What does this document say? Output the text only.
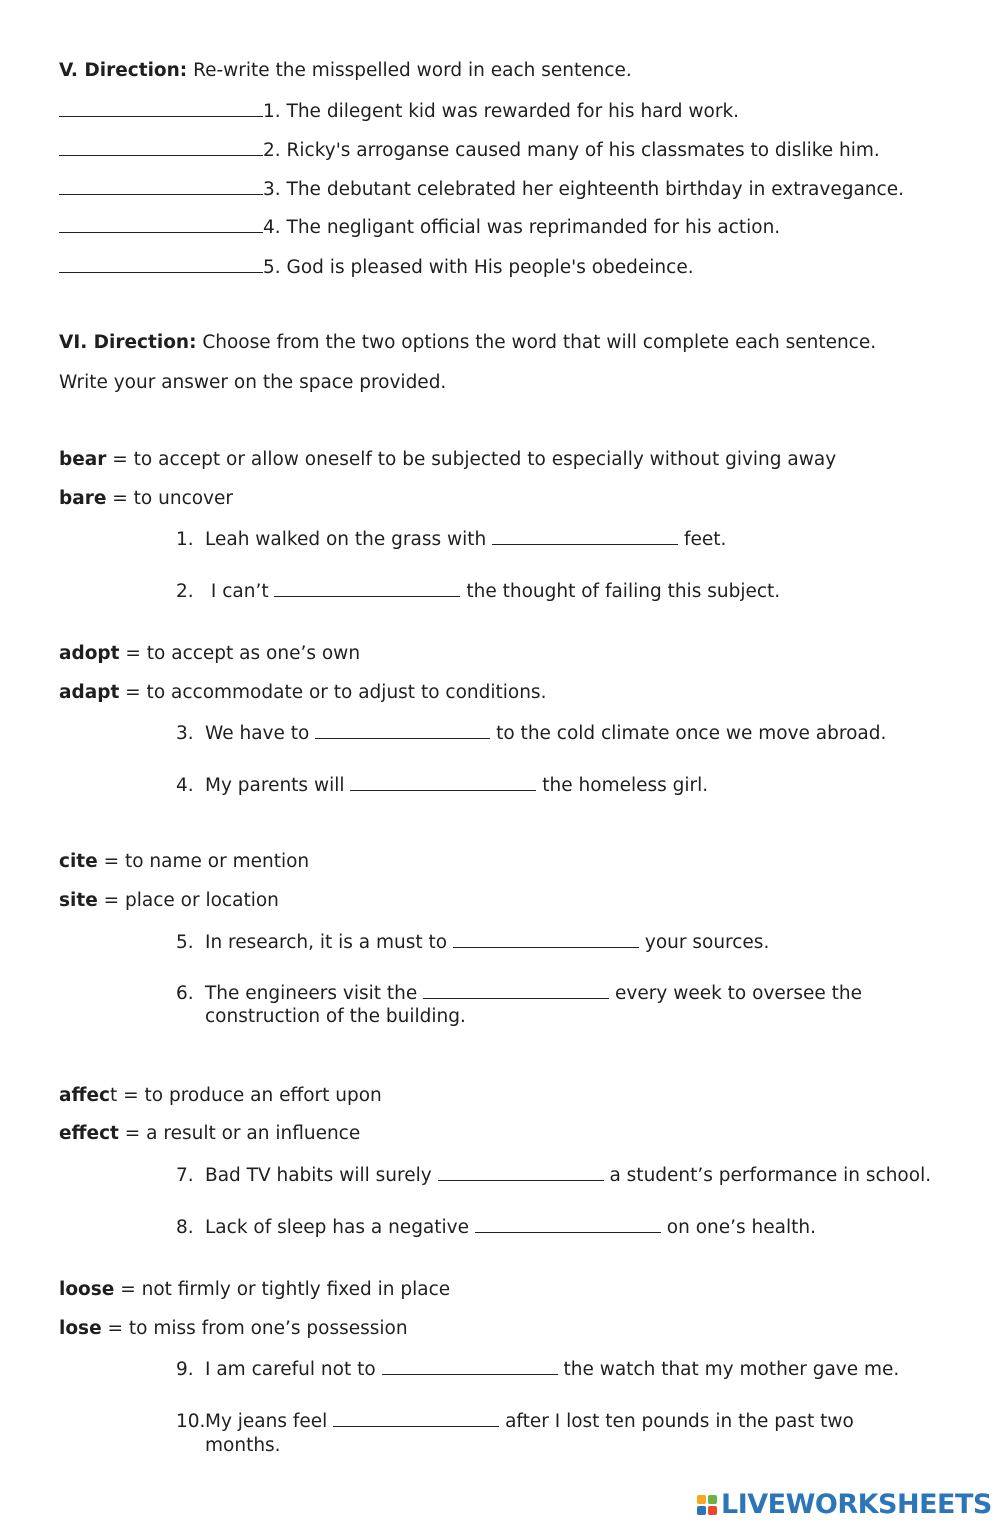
V. Direction: Re-write the misspelled word in each sentence.
1. The dilegent kid was rewarded for his hard work.
2. Ricky's arroganse caused many of his classmates to dislike him.
3. The debutant celebrated her eighteenth birthday in extravegance.
4. The negligant official was reprimanded for his action.
5. God is pleased with His people's obedeince.
VI. Direction: Choose from the two options the word that will complete each sentence.
Write your answer on the space provided.
bear = to accept or allow oneself to be subjected to especially without giving away
bare = to uncover
1. Leah walked on the grass with	feet.
2. I can’t	the thought of failing this subject.
adopt = to accept as one’s own
adapt = to accommodate or to adjust to conditions.
3. We have to	to the cold climate once we move abroad.
4. My parents will	the homeless girl.
cite = to name or mention
site = place or location
5. In research, it is a must to	your sources.
6. The engineers visit the	every week to oversee the
construction of the building.
affect = to produce an effort upon
effect = a result or an influence
7. Bad TV habits will surely	a student’s performance in school.
8. Lack of sleep has a negative	on one’s health.
loose = not firmly or tightly fixed in place
lose = to miss from one’s possession
9. I am careful not to	the watch that my mother gave me.
10.My jeans feel	after I lost ten pounds in the past two
months.
LIVEWORKSHEETS
